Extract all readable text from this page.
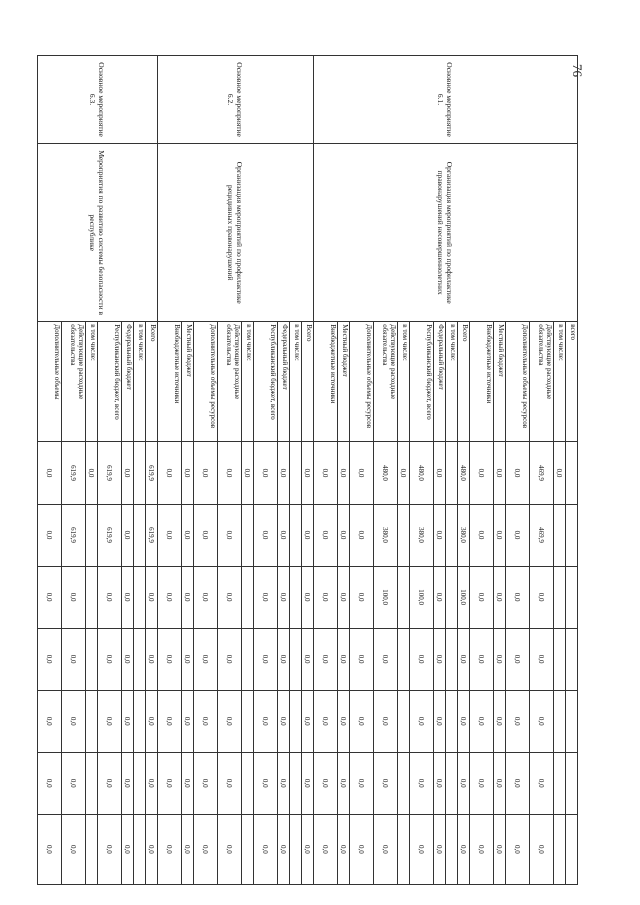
76
Основное мероприятие 6.1.	Организация мероприятий по профилактике правонарушений несовершеннолетних	всего							
		в том числе:	0,0						
		Действующие расходные обязательства	469,9	469,9	0,0	0,0	0,0	0,0	0,0
		Дополнительные объемы ресурсов	0,0	0,0	0,0	0,0	0,0	0,0	0,0
		Местный бюджет	0,0	0,0	0,0	0,0	0,0	0,0	0,0
		Внебюджетные источники	0,0	0,0	0,0	0,0	0,0	0,0	0,0
		Всего	480,0	380,0	100,0	0,0	0,0	0,0	0,0
		в том числе:							
		Федеральный бюджет	0,0	0,0	0,0	0,0	0,0	0,0	0,0
		Республиканский бюджет, всего	480,0	380,0	100,0	0,0	0,0	0,0	0,0
		в том числе:	0,0						
		Действующие расходные обязательства	480,0	380,0	100,0	0,0	0,0	0,0	0,0
		Дополнительные объемы ресурсов	0,0	0,0	0,0	0,0	0,0	0,0	0,0
		Местный бюджет	0,0	0,0	0,0	0,0	0,0	0,0	0,0
		Внебюджетные источники	0,0	0,0	0,0	0,0	0,0	0,0	0,0
Основное мероприятие 6.2.	Организация мероприятий по профилактике рецидивных правонарушений	Всего	0,0	0,0	0,0	0,0	0,0	0,0	0,0
		в том числе:							
		Федеральный бюджет	0,0	0,0	0,0	0,0	0,0	0,0	0,0
		Республиканский бюджет, всего	0,0	0,0	0,0	0,0	0,0	0,0	0,0
		в том числе:	0,0						
		Действующие расходные обязательства	0,0	0,0	0,0	0,0	0,0	0,0	0,0
		Дополнительные объемы ресурсов	0,0	0,0	0,0	0,0	0,0	0,0	0,0
		Местный бюджет	0,0	0,0	0,0	0,0	0,0	0,0	0,0
		Внебюджетные источники	0,0	0,0	0,0	0,0	0,0	0,0	0,0
Основное мероприятие 6.3.	Мероприятия по развитию системы безопасности в республике	Всего	619,9	619,9	0,0	0,0	0,0	0,0	0,0
		в том числе:							
		Федеральный бюджет	0,0	0,0	0,0	0,0	0,0	0,0	0,0
		Республиканский бюджет, всего	619,9	619,9	0,0	0,0	0,0	0,0	0,0
		в том числе:	0,0						
		Действующие расходные обязательства	619,9	619,9	0,0	0,0	0,0	0,0	0,0
		Дополнительные объемы	0,0	0,0	0,0	0,0	0,0	0,0	0,0
